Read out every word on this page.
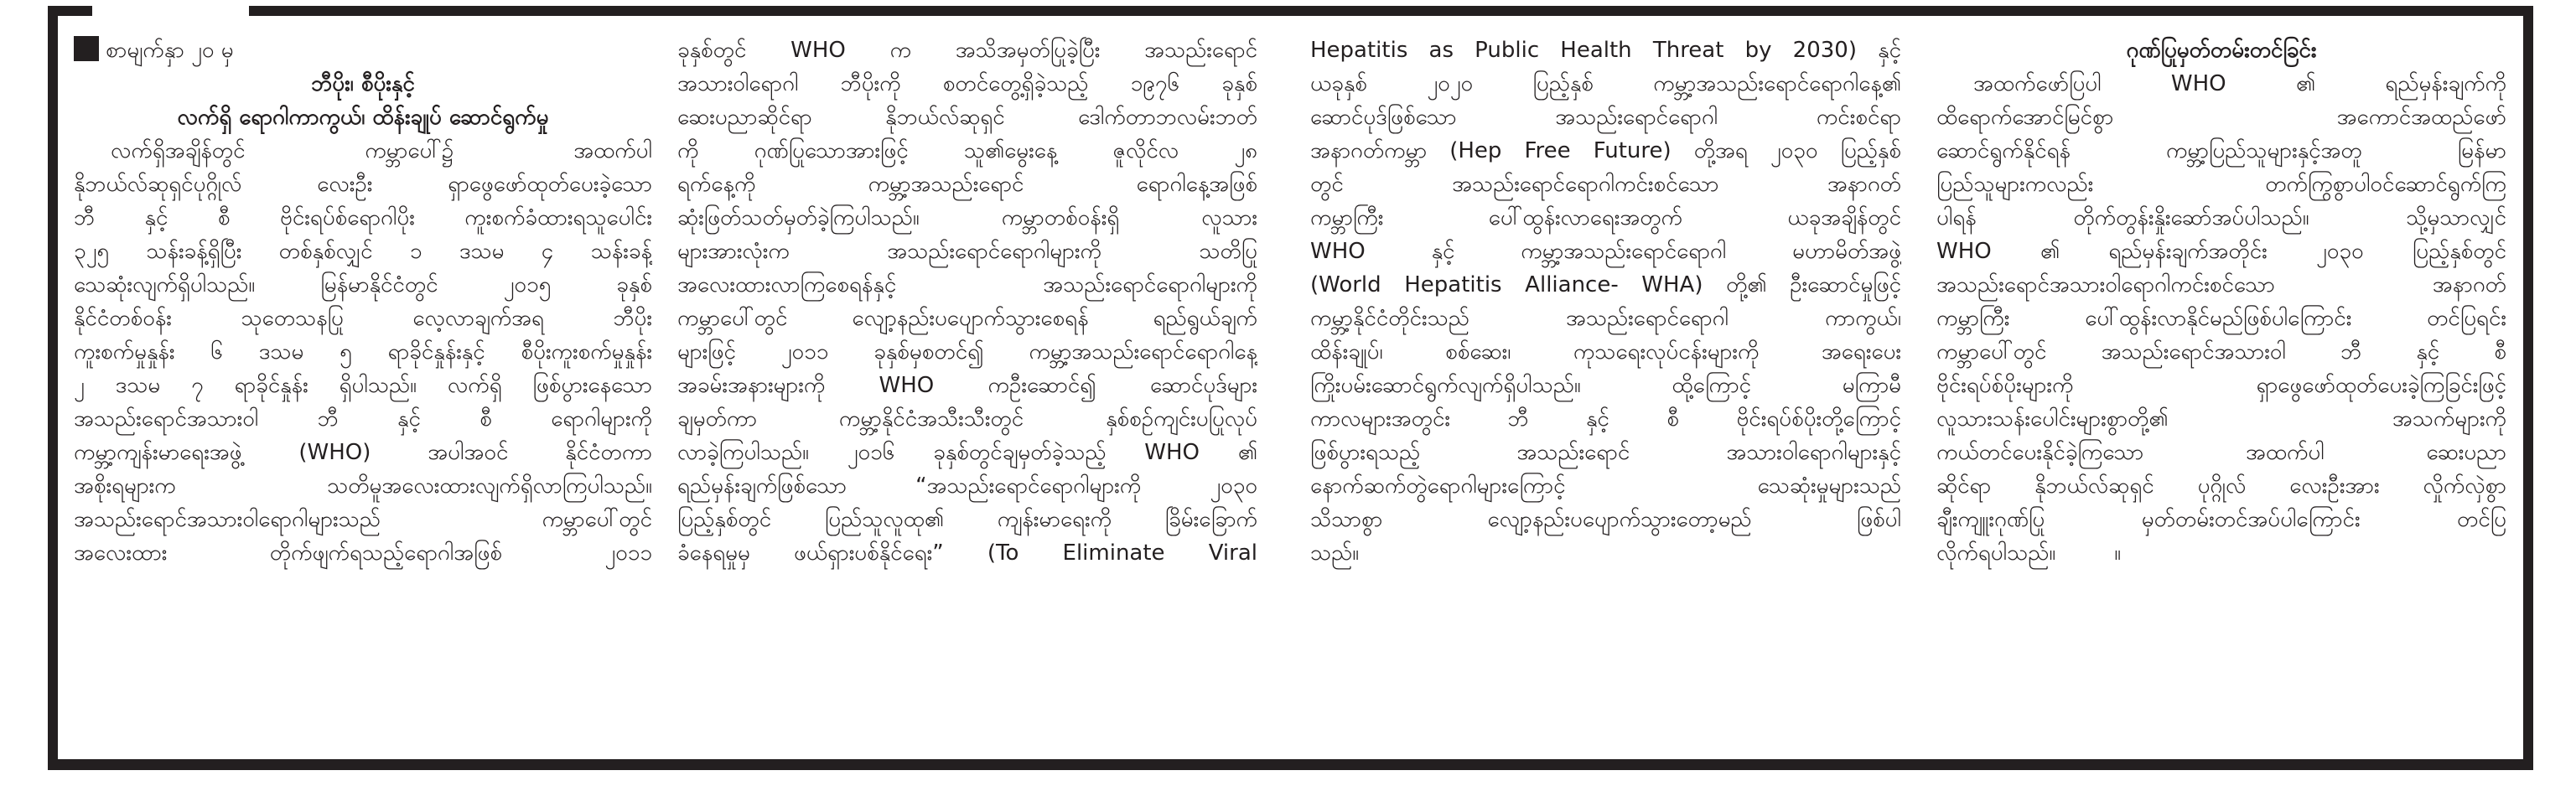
စာမျက်နှာ ၂၀ မှ
ဘီပိုး၊ စီပိုးနှင့်
လက်ရှိ ရောဂါကာကွယ်၊ ထိန်းချုပ် ဆောင်ရွက်မှု
လက်ရှိအချိန်တွင် ကမ္ဘာပေါ်၌ အထက်ပါ
နိုဘယ်လ်ဆုရှင်ပုဂ္ဂိုလ် လေးဦး ရှာဖွေဖော်ထုတ်ပေးခဲ့သော
ဘီ နှင့် စီ ဗိုင်းရပ်စ်ရောဂါပိုး ကူးစက်ခံထားရသူပေါင်း
၃၂၅ သန်းခန့်ရှိပြီး တစ်နှစ်လျှင် ၁ ဒသမ ၄ သန်းခန့်
သေဆုံးလျက်ရှိပါသည်။ မြန်မာနိုင်ငံတွင် ၂၀၁၅ ခုနှစ်
နိုင်ငံတစ်ဝန်း သုတေသနပြု လေ့လာချက်အရ ဘီပိုး
ကူးစက်မှုနှုန်း ၆ ဒသမ ၅ ရာခိုင်နှုန်းနှင့် စီပိုးကူးစက်မှုနှုန်း
၂ ဒသမ ၇ ရာခိုင်နှုန်း ရှိပါသည်။ လက်ရှိ ဖြစ်ပွားနေသော
အသည်းရောင်အသားဝါ ဘီ နှင့် စီ ရောဂါများကို
ကမ္ဘာ့ကျန်းမာရေးအဖွဲ့ (WHO) အပါအဝင် နိုင်ငံတကာ
အစိုးရများက သတိမူအလေးထားလျက်ရှိလာကြပါသည်။
အသည်းရောင်အသားဝါရောဂါများသည် ကမ္ဘာပေါ်တွင်
အလေးထား တိုက်ဖျက်ရသည့်ရောဂါအဖြစ် ၂၀၁၁
ခုနှစ်တွင် WHO က အသိအမှတ်ပြုခဲ့ပြီး အသည်းရောင်
အသားဝါရောဂါ ဘီပိုးကို စတင်တွေ့ရှိခဲ့သည့် ၁၉၇၆ ခုနှစ်
ဆေးပညာဆိုင်ရာ နိုဘယ်လ်ဆုရှင် ဒေါက်တာဘလမ်းဘတ်
ကို ဂုဏ်ပြုသောအားဖြင့် သူ၏မွေးနေ့ ဇူလိုင်လ ၂၈
ရက်နေ့ကို ကမ္ဘာ့အသည်းရောင် ရောဂါနေ့အဖြစ်
ဆုံးဖြတ်သတ်မှတ်ခဲ့ကြပါသည်။ ကမ္ဘာတစ်ဝန်းရှိ လူသား
များအားလုံးက အသည်းရောင်ရောဂါများကို သတိပြု
အလေးထားလာကြစေရန်နှင့် အသည်းရောင်ရောဂါများကို
ကမ္ဘာပေါ်တွင် လျော့နည်းပပျောက်သွားစေရန် ရည်ရွယ်ချက်
များဖြင့် ၂၀၁၁ ခုနှစ်မှစတင်၍ ကမ္ဘာ့အသည်းရောင်ရောဂါနေ့
အခမ်းအနားများကို WHO ကဦးဆောင်၍ ဆောင်ပုဒ်များ
ချမှတ်ကာ ကမ္ဘာ့နိုင်ငံအသီးသီးတွင် နှစ်စဉ်ကျင်းပပြုလုပ်
လာခဲ့ကြပါသည်။ ၂၀၁၆ ခုနှစ်တွင်ချမှတ်ခဲ့သည့် WHO ၏
ရည်မှန်းချက်ဖြစ်သော “အသည်းရောင်ရောဂါများကို ၂၀၃၀
ပြည့်နှစ်တွင် ပြည်သူလူထု၏ ကျန်းမာရေးကို ခြိမ်းခြောက်
ခံနေရမှုမှ ဖယ်ရှားပစ်နိုင်ရေး” (To Eliminate Viral
Hepatitis as Public Health Threat by 2030) နှင့်
ယခုနှစ် ၂၀၂၀ ပြည့်နှစ် ကမ္ဘာ့အသည်းရောင်ရောဂါနေ့၏
ဆောင်ပုဒ်ဖြစ်သော အသည်းရောင်ရောဂါ ကင်းစင်ရာ
အနာဂတ်ကမ္ဘာ (Hep Free Future) တို့အရ ၂၀၃၀ ပြည့်နှစ်
တွင် အသည်းရောင်ရောဂါကင်းစင်သော အနာဂတ်
ကမ္ဘာကြီး ပေါ်ထွန်းလာရေးအတွက် ယခုအချိန်တွင်
WHO နှင့် ကမ္ဘာ့အသည်းရောင်ရောဂါ မဟာမိတ်အဖွဲ့
(World Hepatitis Alliance- WHA) တို့၏ ဦးဆောင်မှုဖြင့်
ကမ္ဘာ့နိုင်ငံတိုင်းသည် အသည်းရောင်ရောဂါ ကာကွယ်၊
ထိန်းချုပ်၊ စစ်ဆေး၊ ကုသရေးလုပ်ငန်းများကို အရေးပေး
ကြိုးပမ်းဆောင်ရွက်လျက်ရှိပါသည်။ ထို့ကြောင့် မကြာမီ
ကာလများအတွင်း ဘီ နှင့် စီ ဗိုင်းရပ်စ်ပိုးတို့ကြောင့်
ဖြစ်ပွားရသည့် အသည်းရောင် အသားဝါရောဂါများနှင့်
နောက်ဆက်တွဲရောဂါများကြောင့် သေဆုံးမှုများသည်
သိသာစွာ လျော့နည်းပပျောက်သွားတော့မည် ဖြစ်ပါ
သည်။
ဂုဏ်ပြုမှတ်တမ်းတင်ခြင်း
အထက်ဖော်ပြပါ WHO ၏ ရည်မှန်းချက်ကို
ထိရောက်အောင်မြင်စွာ အကောင်အထည်ဖော်
ဆောင်ရွက်နိုင်ရန် ကမ္ဘာ့ပြည်သူများနှင့်အတူ မြန်မာ
ပြည်သူများကလည်း တက်ကြွစွာပါဝင်ဆောင်ရွက်ကြ
ပါရန် တိုက်တွန်းနှိုးဆော်အပ်ပါသည်။ သို့မှသာလျှင်
WHO ၏ ရည်မှန်းချက်အတိုင်း ၂၀၃၀ ပြည့်နှစ်တွင်
အသည်းရောင်အသားဝါရောဂါကင်းစင်သော အနာဂတ်
ကမ္ဘာကြီး ပေါ်ထွန်းလာနိုင်မည်ဖြစ်ပါကြောင်း တင်ပြရင်း
ကမ္ဘာပေါ်တွင် အသည်းရောင်အသားဝါ ဘီ နှင့် စီ
ဗိုင်းရပ်စ်ပိုးများကို ရှာဖွေဖော်ထုတ်ပေးခဲ့ကြခြင်းဖြင့်
လူသားသန်းပေါင်းများစွာတို့၏ အသက်များကို
ကယ်တင်ပေးနိုင်ခဲ့ကြသော အထက်ပါ ဆေးပညာ
ဆိုင်ရာ နိုဘယ်လ်ဆုရှင် ပုဂ္ဂိုလ် လေးဦးအား လှိုက်လှဲစွာ
ချီးကျူးဂုဏ်ပြု မှတ်တမ်းတင်အပ်ပါကြောင်း တင်ပြ
လိုက်ရပါသည်။	။
